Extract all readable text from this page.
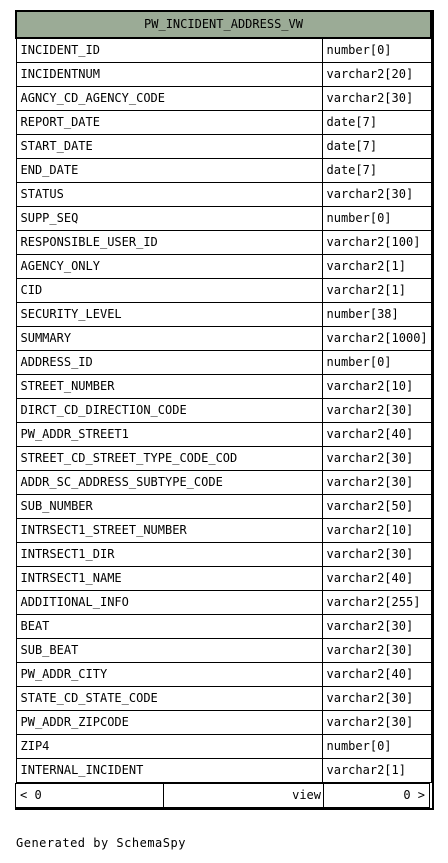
PW_INCIDENT_ADDRESS_VW	
INCIDENT_ID	number[0]
INCIDENTNUM	varchar2[20]
AGNCY_CD_AGENCY_CODE	varchar2[30]
REPORT_DATE	date[7]
START_DATE	date[7]
END_DATE	date[7]
STATUS	varchar2[30]
SUPP_SEQ	number[0]
RESPONSIBLE_USER_ID	varchar2[100]
AGENCY_ONLY	varchar2[1]
CID	varchar2[1]
SECURITY_LEVEL	number[38]
SUMMARY	varchar2[1000]
ADDRESS_ID	number[0]
STREET_NUMBER	varchar2[10]
DIRCT_CD_DIRECTION_CODE	varchar2[30]
PW_ADDR_STREET1	varchar2[40]
STREET_CD_STREET_TYPE_CODE_COD	varchar2[30]
ADDR_SC_ADDRESS_SUBTYPE_CODE	varchar2[30]
SUB_NUMBER	varchar2[50]
INTRSECT1_STREET_NUMBER	varchar2[10]
INTRSECT1_DIR	varchar2[30]
INTRSECT1_NAME	varchar2[40]
ADDITIONAL_INFO	varchar2[255]
BEAT	varchar2[30]
SUB_BEAT	varchar2[30]
PW_ADDR_CITY	varchar2[40]
STATE_CD_STATE_CODE	varchar2[30]
PW_ADDR_ZIPCODE	varchar2[30]
ZIP4	number[0]
INTERNAL_INCIDENT	varchar2[1]
< 0	view	0 >
Generated by SchemaSpy
